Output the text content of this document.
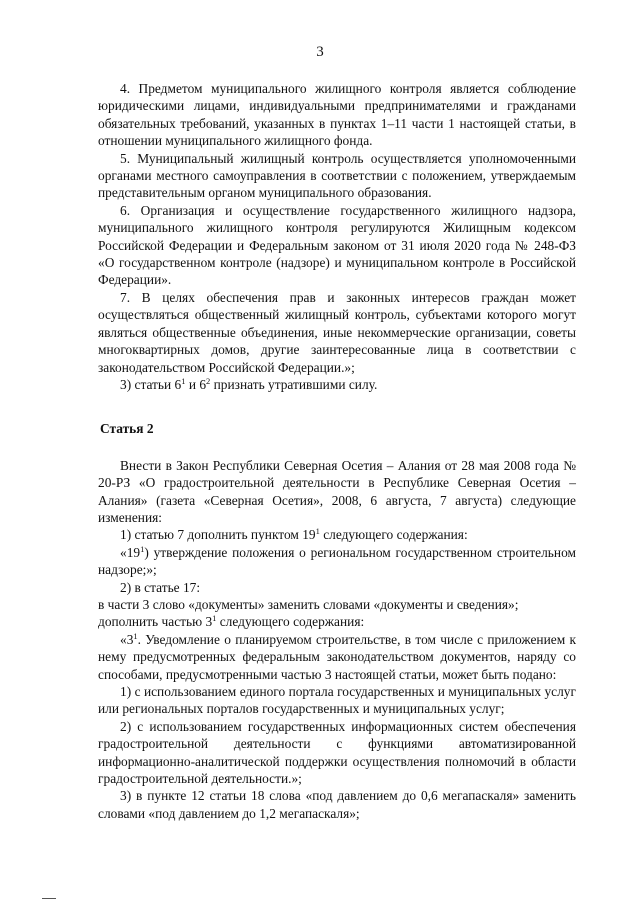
3

4. Предметом муниципального жилищного контроля является соблюдение юридическими лицами, индивидуальными предпринимателями и гражданами обязательных требований, указанных в пунктах 1–11 части 1 настоящей статьи, в отношении муниципального жилищного фонда.

5. Муниципальный жилищный контроль осуществляется уполномоченными органами местного самоуправления в соответствии с положением, утверждаемым представительным органом муниципального образования.

6. Организация и осуществление государственного жилищного надзора, муниципального жилищного контроля регулируются Жилищным кодексом Российской Федерации и Федеральным законом от 31 июля 2020 года № 248-ФЗ «О государственном контроле (надзоре) и муниципальном контроле в Российской Федерации».

7. В целях обеспечения прав и законных интересов граждан может осуществляться общественный жилищный контроль, субъектами которого могут являться общественные объединения, иные некоммерческие организации, советы многоквартирных домов, другие заинтересованные лица в соответствии с законодательством Российской Федерации.»;

3) статьи $6^1$ и $6^2$ признать утратившими силу.

Статья 2

Внести в Закон Республики Северная Осетия – Алания от 28 мая 2008 года № 20-РЗ «О градостроительной деятельности в Республике Северная Осетия – Алания» (газета «Северная Осетия», 2008, 6 августа, 7 августа) следующие изменения:

1) статью 7 дополнить пунктом $19^1$ следующего содержания:

«$19^1$) утверждение положения о региональном государственном строительном надзоре;»;

2) в статье 17:

в части 3 слово «документы» заменить словами «документы и сведения»;

дополнить частью $3^1$ следующего содержания:

«$3^1$. Уведомление о планируемом строительстве, в том числе с приложением к нему предусмотренных федеральным законодательством документов, наряду со способами, предусмотренными частью 3 настоящей статьи, может быть подано:

1) с использованием единого портала государственных и муниципальных услуг или региональных порталов государственных и муниципальных услуг;

2) с использованием государственных информационных систем обеспечения градостроительной деятельности с функциями автоматизированной информационно-аналитической поддержки осуществления полномочий в области градостроительной деятельности.»;

3) в пункте 12 статьи 18 слова «под давлением до 0,6 мегапаскаля» заменить словами «под давлением до 1,2 мегапаскаля»;
